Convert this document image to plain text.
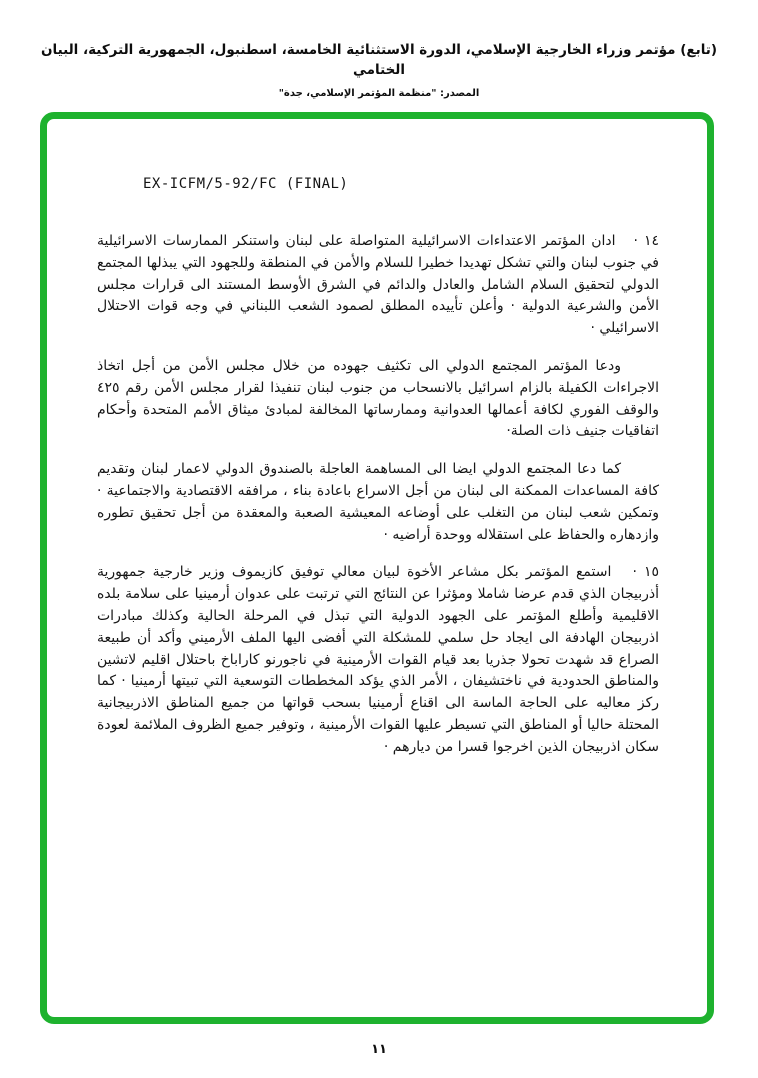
(تابع) مؤتمر وزراء الخارجية الإسلامي، الدورة الاستثنائية الخامسة، اسطنبول، الجمهورية التركية، البيان الختامي
المصدر: "منظمة المؤتمر الإسلامي، جدة"
EX-ICFM/5-92/FC (FINAL)

١٤ ·   ادان المؤتمر الاعتداءات الاسرائيلية المتواصلة على لبنان واستنكر الممارسات الاسرائيلية في جنوب لبنان والتي تشكل تهديدا خطيرا للسلام والأمن في المنطقة وللجهود التي يبذلها المجتمع الدولي لتحقيق السلام الشامل والعادل والدائم في الشرق الأوسط المستند الى قرارات مجلس الأمن والشرعية الدولية · وأعلن تأييده المطلق لصمود الشعب اللبناني في وجه قوات الاحتلال الاسرائيلي ·

ودعا المؤتمر المجتمع الدولي الى تكثيف جهوده من خلال مجلس الأمن من أجل اتخاذ الاجراءات الكفيلة بالزام اسرائيل بالانسحاب من جنوب لبنان تنفيذا لقرار مجلس الأمن رقم ٤٢٥ والوقف الفوري لكافة أعمالها العدوانية وممارساتها المخالفة لمبادئ ميثاق الأمم المتحدة وأحكام اتفاقيات جنيف ذات الصلة·

كما دعا المجتمع الدولي ايضا الى المساهمة العاجلة بالصندوق الدولي لاعمار لبنان وتقديم كافة المساعدات الممكنة الى لبنان من أجل الاسراع باعادة بناء ، مرافقه الاقتصادية والاجتماعية · وتمكين شعب لبنان من التغلب على أوضاعه المعيشية الصعبة والمعقدة من أجل تحقيق تطوره وازدهاره والحفاظ على استقلاله ووحدة أراضيه ·

١٥ ·   استمع المؤتمر بكل مشاعر الأخوة لبيان معالي توفيق كازيموف وزير خارجية جمهورية أذربيجان الذي قدم عرضا شاملا ومؤثرا عن النتائج التي ترتبت على عدوان أرمينيا على سلامة بلده الاقليمية وأطلع المؤتمر على الجهود الدولية التي تبذل في المرحلة الحالية وكذلك مبادرات اذربيجان الهادفة الى ايجاد حل سلمي للمشكلة التي أفضى اليها الملف الأرميني وأكد أن طبيعة الصراع قد شهدت تحولا جذريا بعد قيام القوات الأرمينية في ناجورنو كاراباخ باحتلال اقليم لاتشين والمناطق الحدودية في ناختشيفان ، الأمر الذي يؤكد المخططات التوسعية التي تبيتها أرمينيا · كما ركز معاليه على الحاجة الماسة الى اقناع أرمينيا بسحب قواتها من جميع المناطق الاذربيجانية المحتلة حاليا أو المناطق التي تسيطر عليها القوات الأرمينية ، وتوفير جميع الظروف الملائمة لعودة سكان اذربيجان الذين اخرجوا قسرا من ديارهم ·

١١
